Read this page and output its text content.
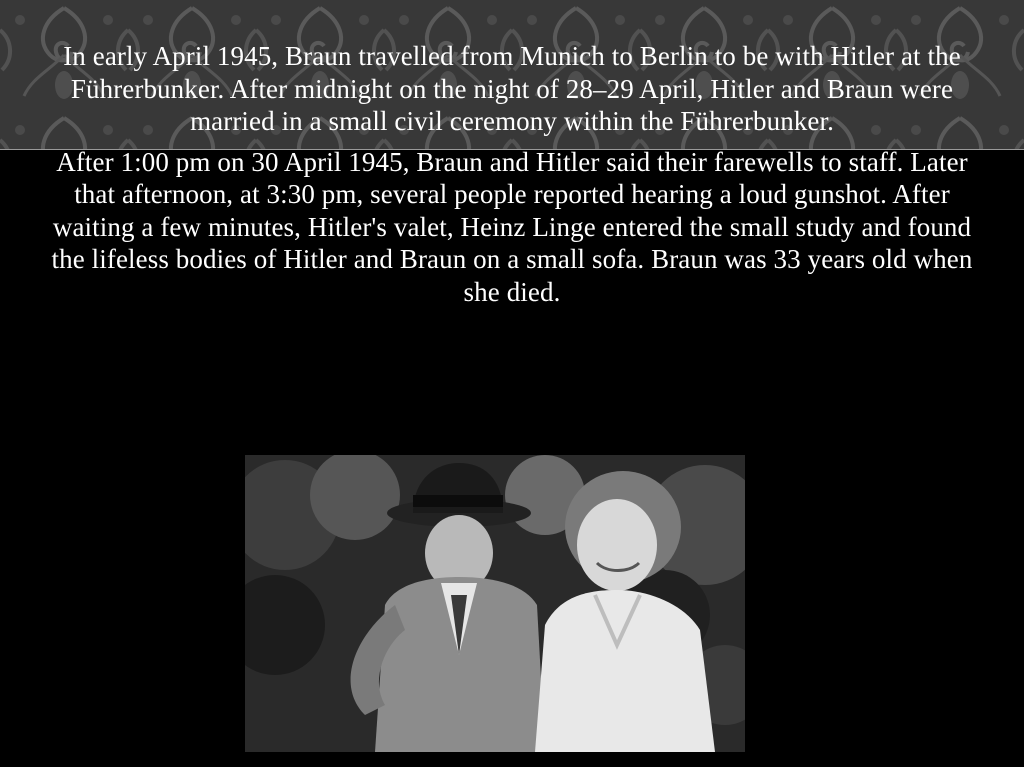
In early April 1945, Braun travelled from Munich to Berlin to be with Hitler at the Führerbunker. After midnight on the night of 28–29 April, Hitler and Braun were married in a small civil ceremony within the Führerbunker.

After 1:00 pm on 30 April 1945, Braun and Hitler said their farewells to staff. Later that afternoon, at 3:30 pm, several people reported hearing a loud gunshot. After waiting a few minutes, Hitler's valet, Heinz Linge entered the small study and found the lifeless bodies of Hitler and Braun on a small sofa. Braun was 33 years old when she died.
